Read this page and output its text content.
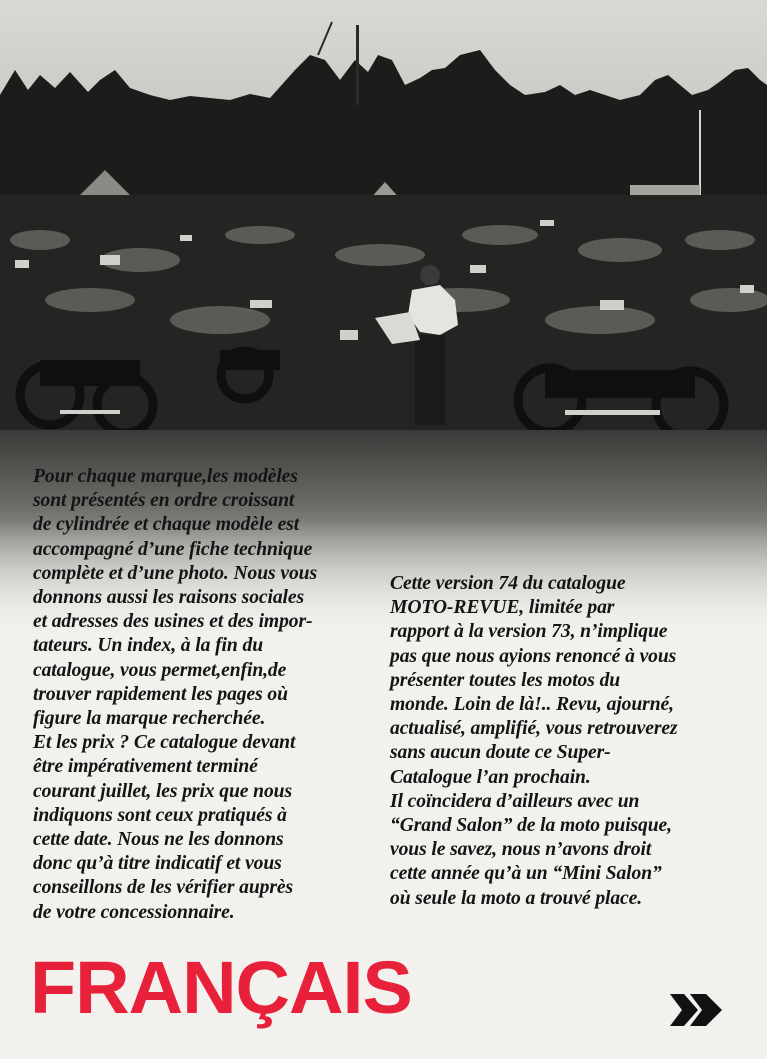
Pour chaque marque,les modèles
sont présentés en ordre croissant
de cylindrée et chaque modèle est
accompagné d’une fiche technique
complète et d’une photo. Nous vous
donnons aussi les raisons sociales
et adresses des usines et des impor-
tateurs. Un index, à la fin du
catalogue, vous permet,enfin,de
trouver rapidement les pages où
figure la marque recherchée.
Et les prix ? Ce catalogue devant
être impérativement terminé
courant juillet, les prix que nous
indiquons sont ceux pratiqués à
cette date. Nous ne les donnons
donc qu’à titre indicatif et vous
conseillons de les vérifier auprès
de votre concessionnaire.
Cette version 74 du catalogue
MOTO-REVUE, limitée par
rapport à la version 73, n’implique
pas que nous ayions renoncé à vous
présenter toutes les motos du
monde. Loin de là!.. Revu, ajourné,
actualisé, amplifié, vous retrouverez
sans aucun doute ce Super-
Catalogue l’an prochain.
Il coïncidera d’ailleurs avec un
“Grand Salon” de la moto puisque,
vous le savez, nous n’avons droit
cette année qu’à un “Mini Salon”
où seule la moto a trouvé place.
FRANÇAIS
